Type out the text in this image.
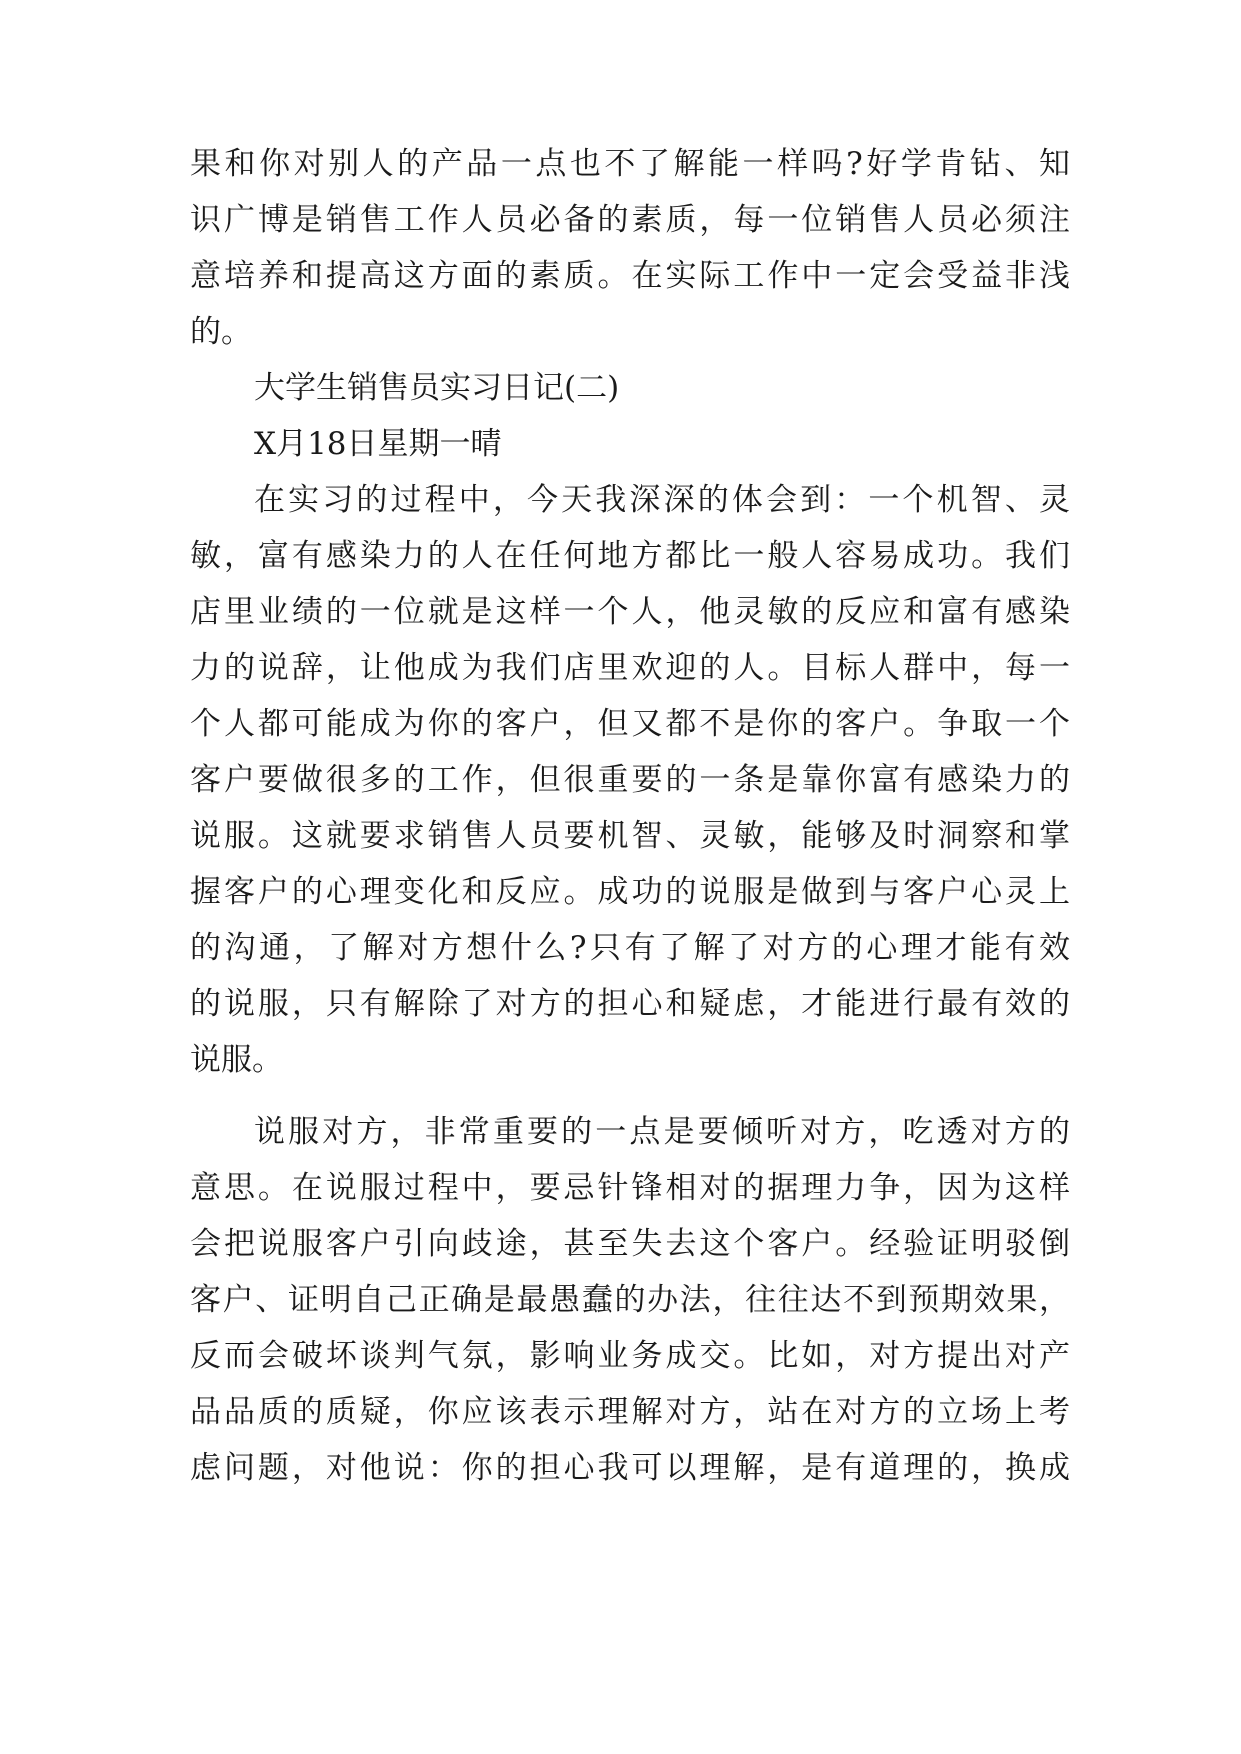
果和你对别人的产品一点也不了解能一样吗?好学肯钻、知
识广博是销售工作人员必备的素质，每一位销售人员必须注
意培养和提高这方面的素质。在实际工作中一定会受益非浅
的。
大学生销售员实习日记(二)
X月18日星期一晴
在实习的过程中，今天我深深的体会到：一个机智、灵
敏，富有感染力的人在任何地方都比一般人容易成功。我们
店里业绩的一位就是这样一个人，他灵敏的反应和富有感染
力的说辞，让他成为我们店里欢迎的人。目标人群中，每一
个人都可能成为你的客户，但又都不是你的客户。争取一个
客户要做很多的工作，但很重要的一条是靠你富有感染力的
说服。这就要求销售人员要机智、灵敏，能够及时洞察和掌
握客户的心理变化和反应。成功的说服是做到与客户心灵上
的沟通，了解对方想什么?只有了解了对方的心理才能有效
的说服，只有解除了对方的担心和疑虑，才能进行最有效的
说服。
说服对方，非常重要的一点是要倾听对方，吃透对方的
意思。在说服过程中，要忌针锋相对的据理力争，因为这样
会把说服客户引向歧途，甚至失去这个客户。经验证明驳倒
客户、证明自己正确是最愚蠢的办法，往往达不到预期效果，
反而会破坏谈判气氛，影响业务成交。比如，对方提出对产
品品质的质疑，你应该表示理解对方，站在对方的立场上考
虑问题，对他说：你的担心我可以理解，是有道理的，换成
